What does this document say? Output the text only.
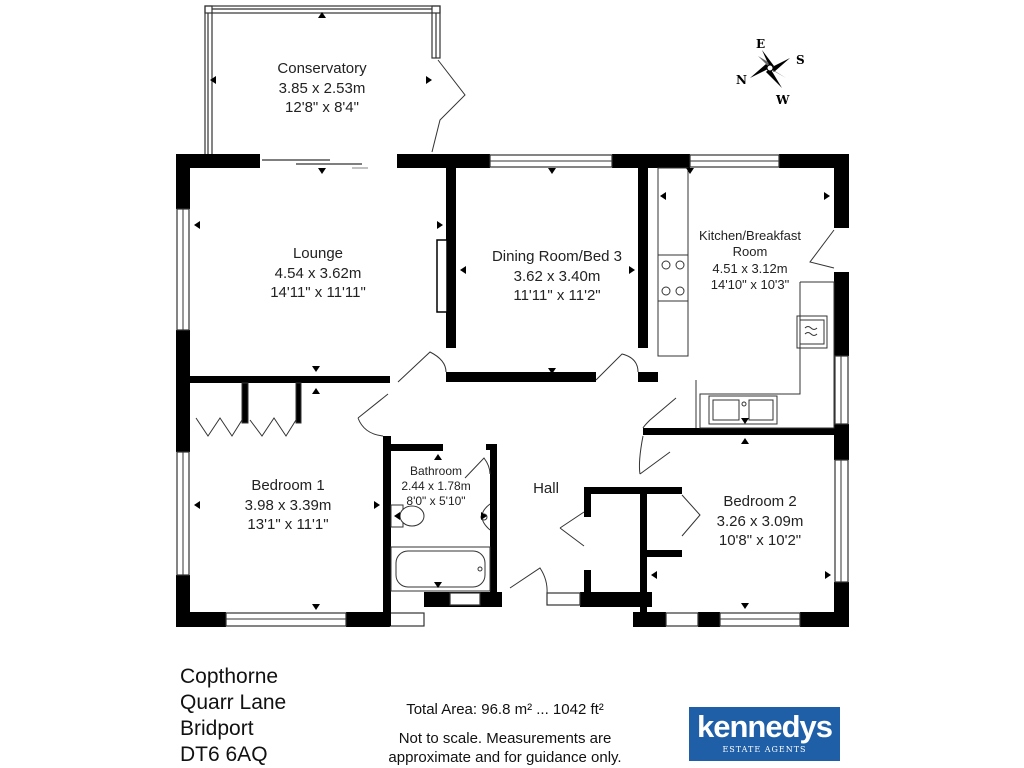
E
S
N
W
Conservatory
3.85 x 2.53m
12'8" x 8'4"
Lounge
4.54 x 3.62m
14'11" x 11'11"
Dining Room/Bed 3
3.62 x 3.40m
11'11" x 11'2"
Kitchen/Breakfast
Room
4.51 x 3.12m
14'10" x 10'3"
Bedroom 1
3.98 x 3.39m
13'1" x 11'1"
Bathroom
2.44 x 1.78m
8'0" x 5'10"
Hall
Bedroom 2
3.26 x 3.09m
10'8" x 10'2"
Copthorne
Quarr Lane
Bridport
DT6 6AQ
Total Area: 96.8 m² ... 1042 ft²
Not to scale. Measurements are
approximate and for guidance only.
kennedys
ESTATE AGENTS
